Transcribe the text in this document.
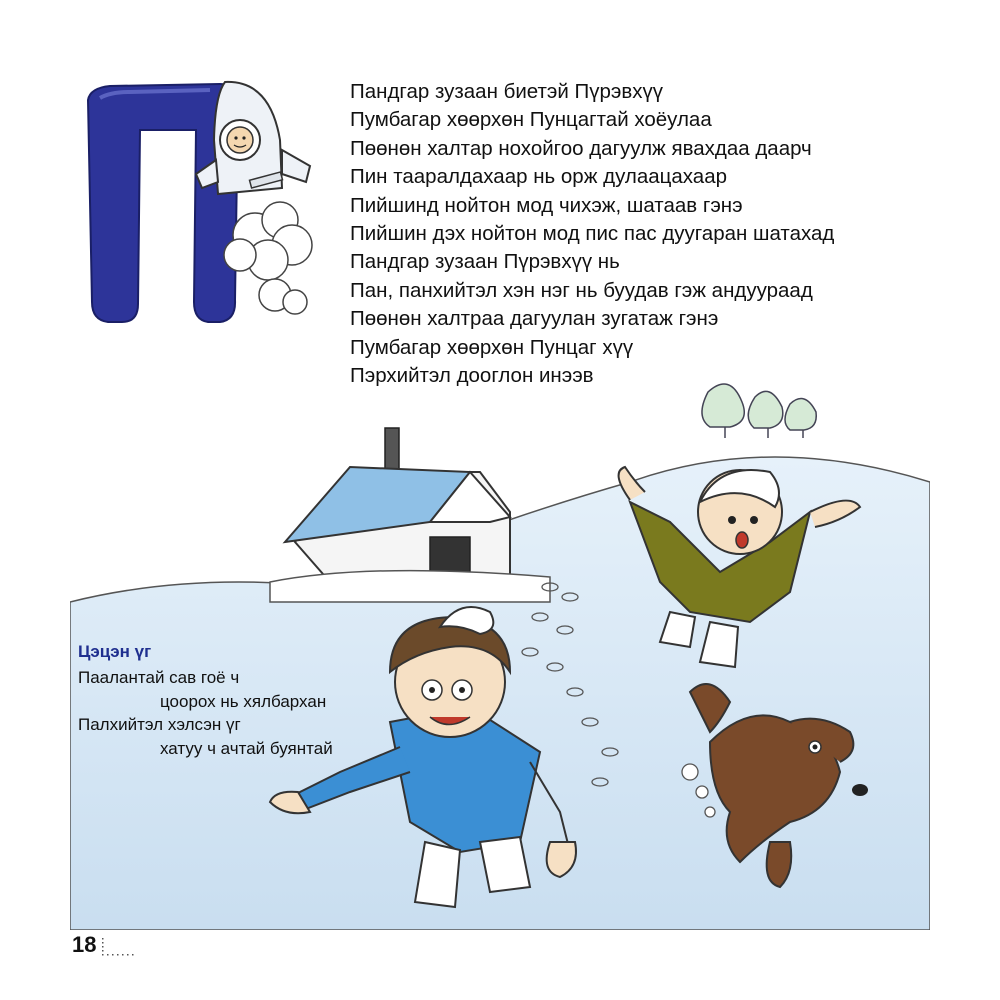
Пандгар зузаан биетэй Пүрэвхүү
Пумбагар хөөрхөн Пунцагтай хоёулаа
Пөөнөн халтар нохойгоо дагуулж явахдаа даарч
Пин тааралдахаар нь орж дулаацахаар
Пийшинд нойтон мод чихэж, шатаав гэнэ
Пийшин дэх нойтон мод пис пас дуугаран шатахад
Пандгар зузаан Пүрэвхүү нь
Пан, панхийтэл хэн нэг нь буудав гэж андуураад
Пөөнөн халтраа дагуулан зугатаж гэнэ
Пумбагар хөөрхөн Пунцаг хүү
Пэрхийтэл дооглон инээв
Цэцэн үг
Паалантай сав гоё ч
цоорох нь хялбархан
Палхийтэл хэлсэн үг
хатуу ч ачтай буянтай
18
